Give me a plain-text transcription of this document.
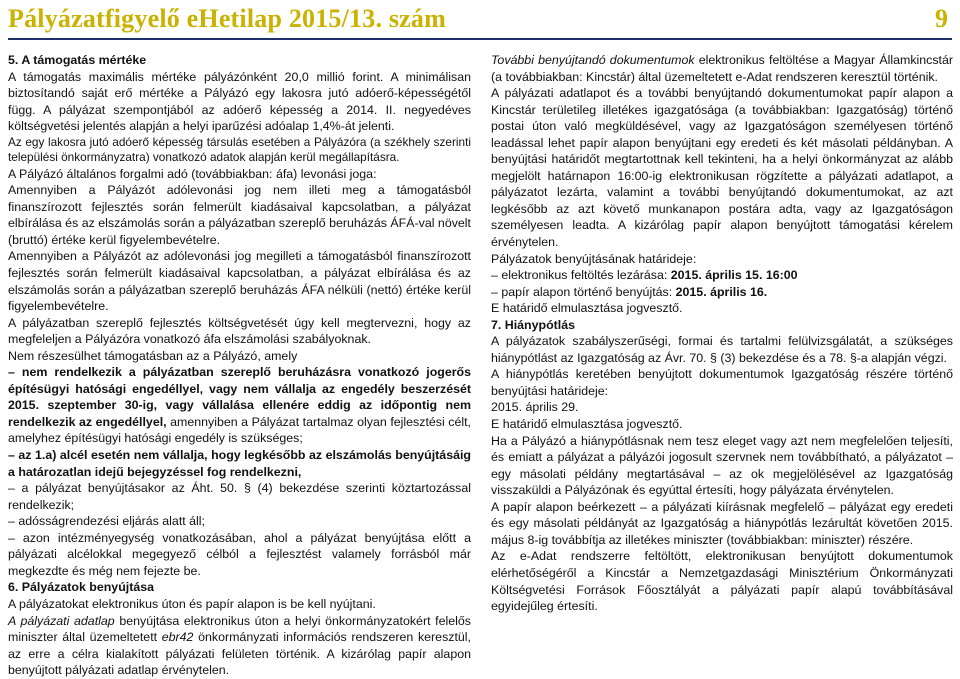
Pályázatfigyelő eHetilap 2015/13. szám	9

5. A támogatás mértéke

A támogatás maximális mértéke pályázónként 20,0 millió forint. A minimálisan biztosítandó saját erő mértéke a Pályázó egy lakosra jutó adóerő-képességétől függ. A pályázat szempontjából az adóerő képesség a 2014. II. negyedéves költségvetési jelentés alapján a helyi iparűzési adóalap 1,4%-át jelenti.

Az egy lakosra jutó adóerő képesség társulás esetében a Pályázóra (a székhely szerinti települési önkormányzatra) vonatkozó adatok alapján kerül megállapításra.

A Pályázó általános forgalmi adó (továbbiakban: áfa) levonási joga:

Amennyiben a Pályázót adólevonási jog nem illeti meg a támogatásból finanszírozott fejlesztés során felmerült kiadásaival kapcsolatban, a pályázat elbírálása és az elszámolás során a pályázatban szereplő beruházás ÁFÁ-val növelt (bruttó) értéke kerül figyelembevételre.

Amennyiben a Pályázót az adólevonási jog megilleti a támogatásból finanszírozott fejlesztés során felmerült kiadásaival kapcsolatban, a pályázat elbírálása és az elszámolás során a pályázatban szereplő beruházás ÁFA nélküli (nettó) értéke kerül figyelembevételre.

A pályázatban szereplő fejlesztés költségvetését úgy kell megtervezni, hogy az megfeleljen a Pályázóra vonatkozó áfa elszámolási szabályoknak.

Nem részesülhet támogatásban az a Pályázó, amely

– nem rendelkezik a pályázatban szereplő beruházásra vonatkozó jogerős építésügyi hatósági engedéllyel, vagy nem vállalja az engedély beszerzését 2015. szeptember 30-ig, vagy vállalása ellenére eddig az időpontig nem rendelkezik az engedéllyel, amennyiben a Pályázat tartalmaz olyan fejlesztési célt, amelyhez építésügyi hatósági engedély is szükséges;

– az 1.a) alcél esetén nem vállalja, hogy legkésőbb az elszámolás benyújtásáig a határozatlan idejű bejegyzéssel fog rendelkezni,

– a pályázat benyújtásakor az Áht. 50. § (4) bekezdése szerinti köztartozással rendelkezik;

– adósságrendezési eljárás alatt áll;

– azon intézményegység vonatkozásában, ahol a pályázat benyújtása előtt a pályázati alcélokkal megegyező célból a fejlesztést valamely forrásból már megkezdte és még nem fejezte be.

6. Pályázatok benyújtása

A pályázatokat elektronikus úton és papír alapon is be kell nyújtani.

A pályázati adatlap benyújtása elektronikus úton a helyi önkormányzatokért felelős miniszter által üzemeltetett ebr42 önkormányzati információs rendszeren keresztül, az erre a célra kialakított pályázati felületen történik. A kizárólag papír alapon benyújtott pályázati adatlap érvénytelen.

További benyújtandó dokumentumok elektronikus feltöltése a Magyar Államkincstár (a továbbiakban: Kincstár) által üzemeltetett e-Adat rendszeren keresztül történik.

A pályázati adatlapot és a további benyújtandó dokumentumokat papír alapon a Kincstár területileg illetékes igazgatósága (a továbbiakban: Igazgatóság) történő postai úton való megküldésével, vagy az Igazgatóságon személyesen történő leadással lehet papír alapon benyújtani egy eredeti és két másolati példányban. A benyújtási határidőt megtartottnak kell tekinteni, ha a helyi önkormányzat az alább megjelölt határnapon 16:00-ig elektronikusan rögzítette a pályázati adatlapot, a pályázatot lezárta, valamint a további benyújtandó dokumentumokat, az azt legkésőbb az azt követő munkanapon postára adta, vagy az Igazgatóságon személyesen leadta. A kizárólag papír alapon benyújtott támogatási kérelem érvénytelen.

Pályázatok benyújtásának határideje:

– elektronikus feltöltés lezárása: 2015. április 15. 16:00

– papír alapon történő benyújtás: 2015. április 16.

E határidő elmulasztása jogvesztő.

7. Hiánypótlás

A pályázatok szabályszerűségi, formai és tartalmi felülvizsgálatát, a szükséges hiánypótlást az Igazgatóság az Ávr. 70. § (3) bekezdése és a 78. §-a alapján végzi.

A hiánypótlás keretében benyújtott dokumentumok Igazgatóság részére történő benyújtási határideje:

2015. április 29.

E határidő elmulasztása jogvesztő.

Ha a Pályázó a hiánypótlásnak nem tesz eleget vagy azt nem megfelelően teljesíti, és emiatt a pályázat a pályázói jogosult szervnek nem továbbítható, a pályázatot – egy másolati példány megtartásával – az ok megjelölésével az Igazgatóság visszaküldi a Pályázónak és egyúttal értesíti, hogy pályázata érvénytelen.

A papír alapon beérkezett – a pályázati kiírásnak megfelelő – pályázat egy eredeti és egy másolati példányát az Igazgatóság a hiánypótlás lezárultát követően 2015. május 8-ig továbbítja az illetékes miniszter (továbbiakban: miniszter) részére.

Az e-Adat rendszerre feltöltött, elektronikusan benyújtott dokumentumok elérhetőségéről a Kincstár a Nemzetgazdasági Minisztérium Önkormányzati Költségvetési Források Főosztályát a pályázati papír alapú továbbításával egyidejűleg értesíti.
